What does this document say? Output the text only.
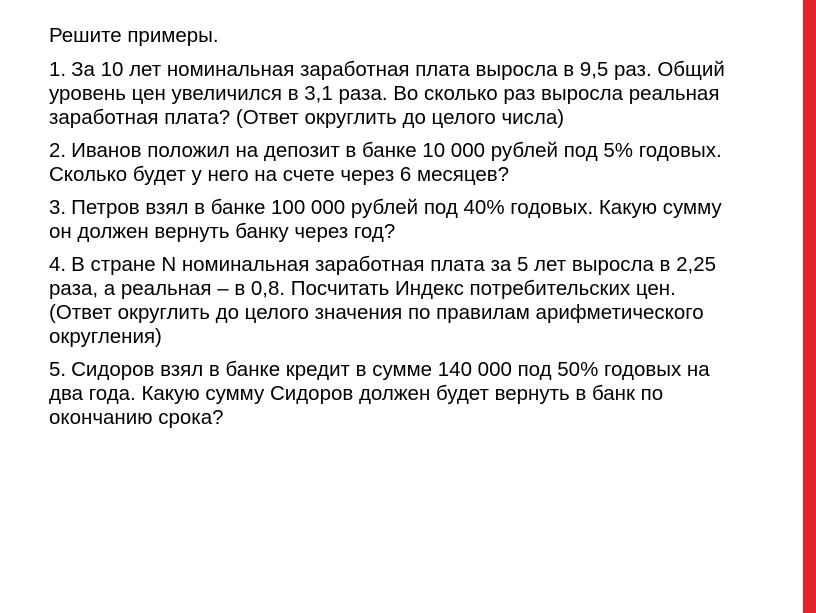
Решите примеры.
1. За 10 лет номинальная заработная плата выросла в 9,5 раз. Общий уровень цен увеличился в 3,1 раза. Во сколько раз выросла реальная заработная плата? (Ответ округлить до целого числа)
2. Иванов положил на депозит в банке 10 000 рублей под 5% годовых. Сколько будет у него на счете через 6 месяцев?
3. Петров взял в банке 100 000 рублей под 40% годовых. Какую сумму он должен вернуть банку через год?
4. В стране N номинальная заработная плата за 5 лет выросла в 2,25 раза, а реальная – в 0,8. Посчитать Индекс потребительских цен. (Ответ округлить до целого значения по правилам арифметического округления)
5. Сидоров взял в банке кредит в сумме 140 000 под 50% годовых на два года. Какую сумму Сидоров должен будет вернуть в банк по окончанию срока?
